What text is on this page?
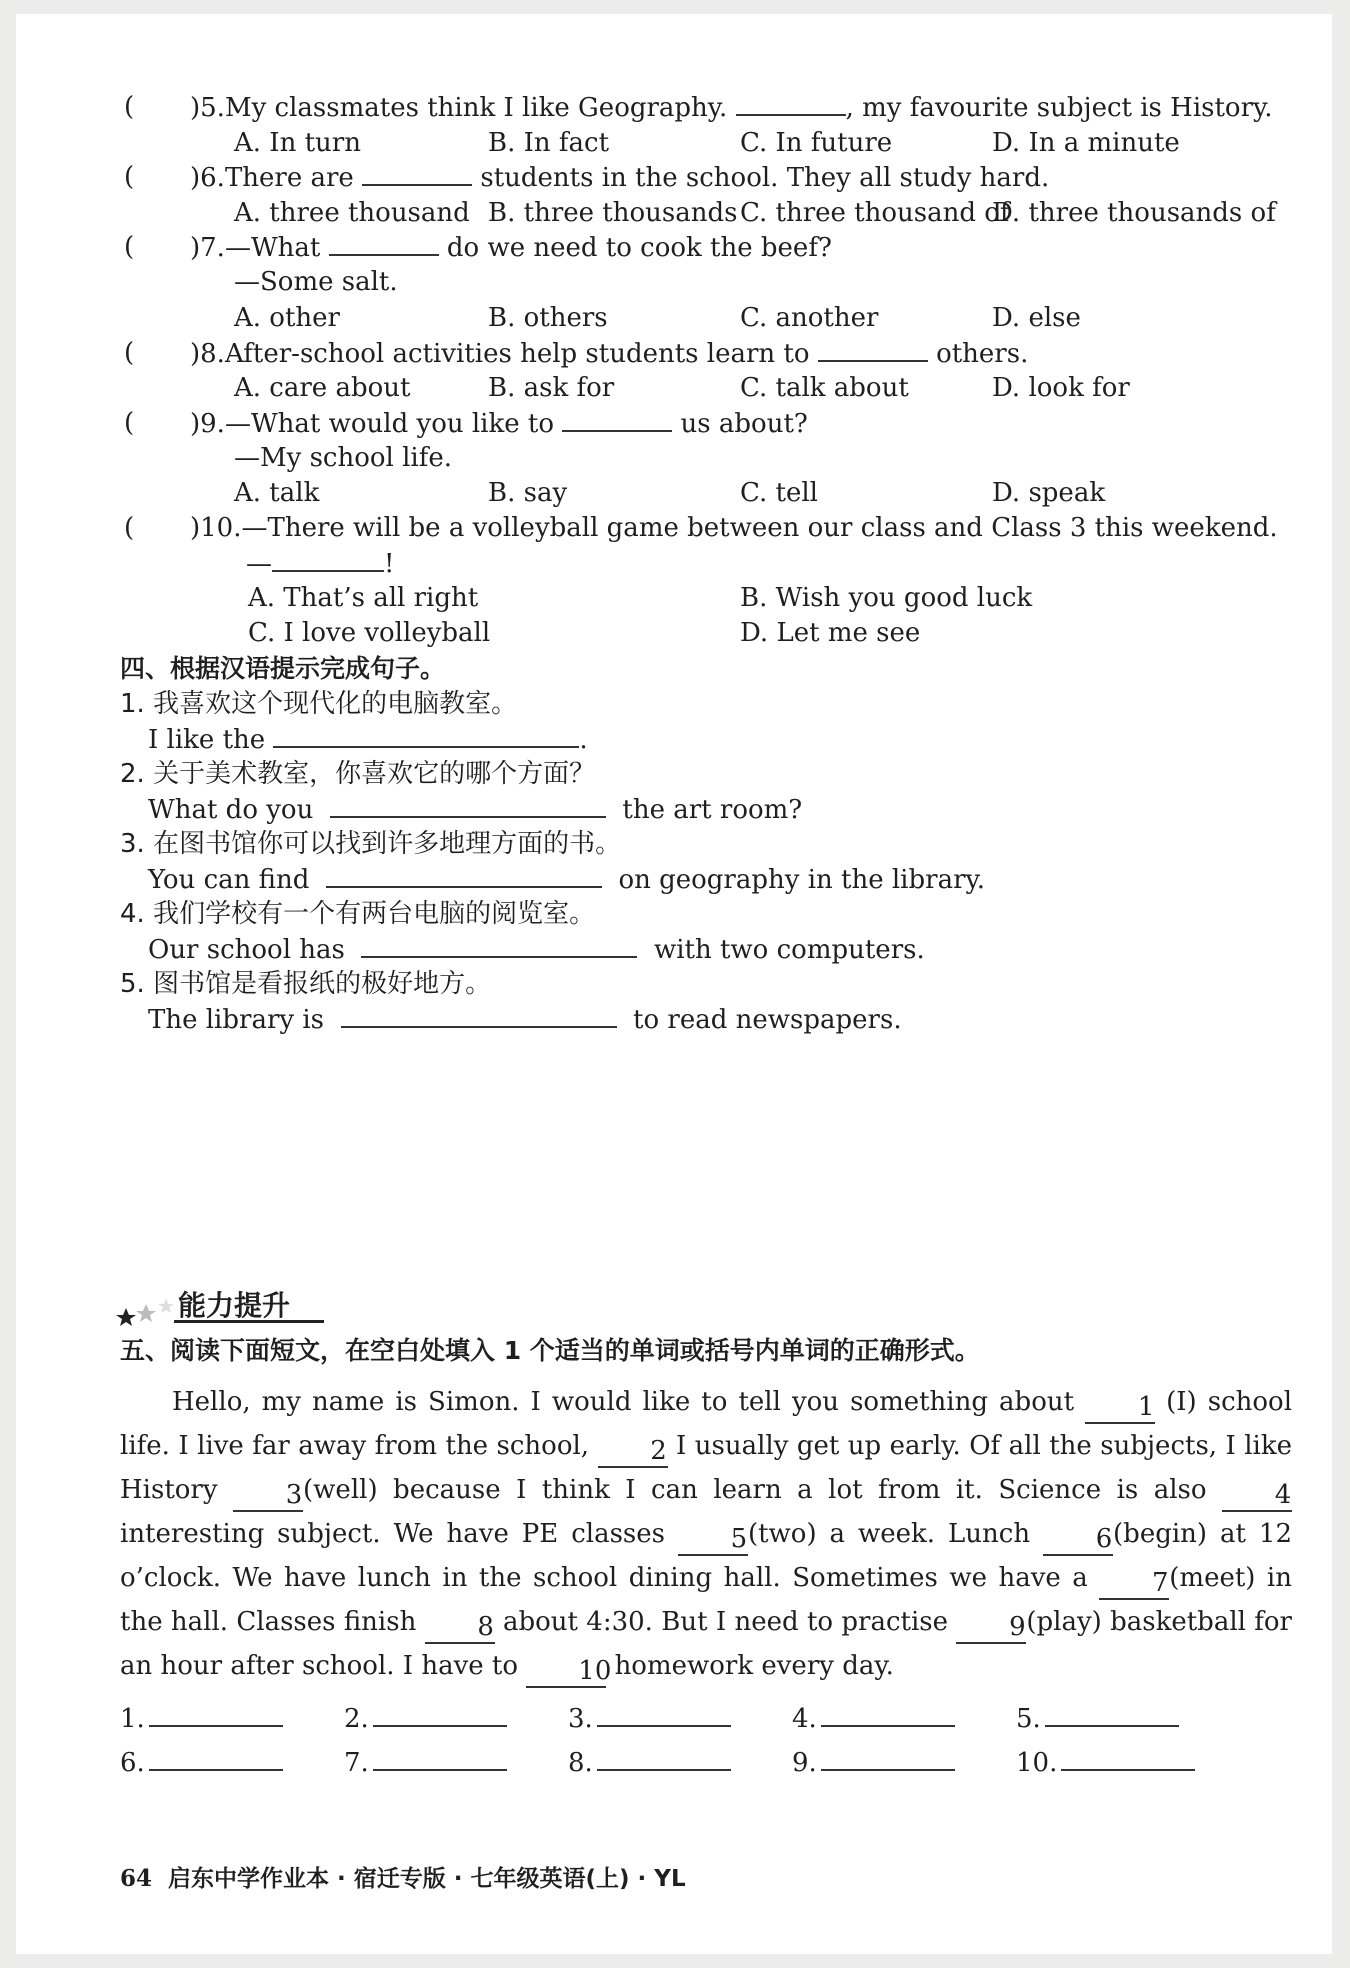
( )5.My classmates think I like Geography.	, my favourite subject is History.
A. In turn	B. In fact	C. In future	D. In a minute
( )6.There are	students in the school. They all study hard.
A. three thousand B. three thousands C. three thousand of
D. three thousands of
( )7.—What	do we need to cook the beef?
—Some salt.
A. other	B. others	C. another	D. else
( )8.After-school activities help students learn to	others.
A. care about	B. ask for	C. talk about	D. look for
( )9.—What would you like to	us about?
—My school life.
A. talk	B. say	C. tell	D. speak
( )10.—There will be a volleyball game between our class and Class 3 this weekend.
—	!
A. That’s all right	B. Wish you good luck
C. I love volleyball	D. Let me see
四、根据汉语提示完成句子。
1. 我喜欢这个现代化的电脑教室。
I like the	.
2. 关于美术教室，你喜欢它的哪个方面？
What do you	the art room?
3. 在图书馆你可以找到许多地理方面的书。
You can find	on geography in the library.
4. 我们学校有一个有两台电脑的阅览室。
Our school has	with two computers.
5. 图书馆是看报纸的极好地方。
The library is	to read newspapers.
能力提升
五、阅读下面短文，在空白处填入 1 个适当的单词或括号内单词的正确形式。
Hello, my name is Simon. I would like to tell you something about 1 (I) school life. I live far away from the school, 2 I usually get up early. Of all the subjects, I like History	3(well) because I think I can learn a lot from it. Science is also	4 interesting subject. We have PE classes	5(two) a week. Lunch	6(begin) at 12 o’clock. We have lunch in the school dining hall. Sometimes we have a 7(meet) in the hall. Classes finish 8 about 4:30. But I need to practise 9(play) basketball for an hour after school. I have to 10 homework every day.
1.	2.	3.	4.	5.
6.	7.	8.	9.	10.
64 启东中学作业本 · 宿迁专版 · 七年级英语(上) · YL
